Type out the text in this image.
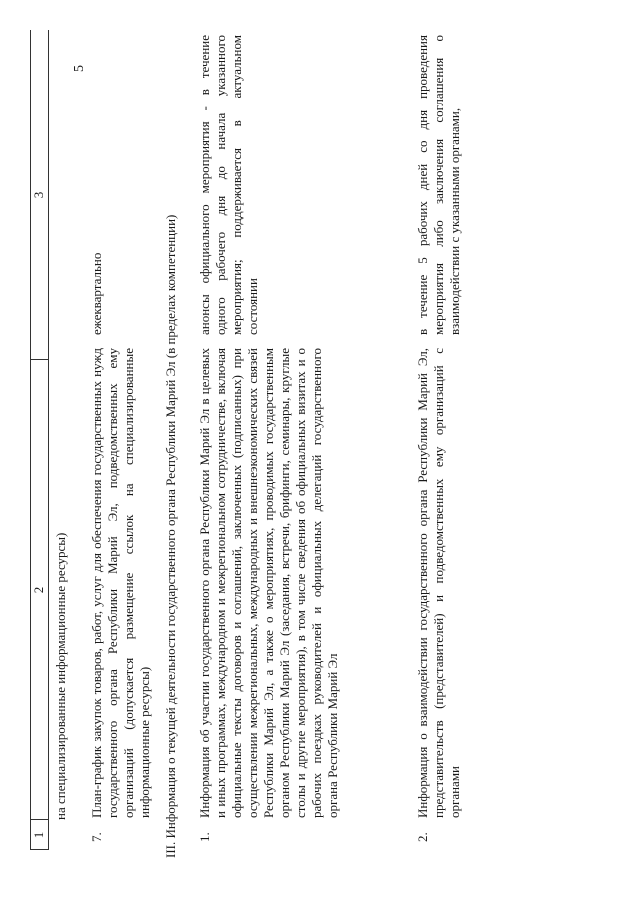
5
1
2
3
на специализированные информационные ресурсы)
7.
План-график закупок товаров, работ, услуг для обеспечения государственных нужд государственного органа Республики Марий Эл, подведомственных ему организаций (допускается размещение ссылок на специализированные информационные ресурсы)
ежеквартально	III. Информация о текущей деятельности государственного органа Республики Марий Эл (в пределах компетенции) 1.
Информация об участии государственного органа Республики Марий Эл в целевых и иных программах, международном и межрегиональном сотрудничестве, включая официальные тексты договоров и соглашений, заключенных (подписанных) при осуществлении межрегиональных, международных и внешнеэкономических связей Республики Марий Эл, а также о мероприятиях, проводимых государственным органом Республики Марий Эл (заседания, встречи, брифинги, семинары, круглые столы и другие мероприятия), в том числе сведения об официальных визитах и о рабочих поездках руководителей и официальных делегаций государственного органа Республики Марий Эл
анонсы официального мероприятия - в течение одного рабочего дня до начала указанного мероприятия; поддерживается в актуальном состоянии
2.
Информация о взаимодействии государственного органа Республики Марий Эл, представительств (представителей) и подведомственных ему организаций с органами
в течение 5 рабочих дней со дня проведения мероприятия либо заключения соглашения о взаимодействии с указанными органами,
